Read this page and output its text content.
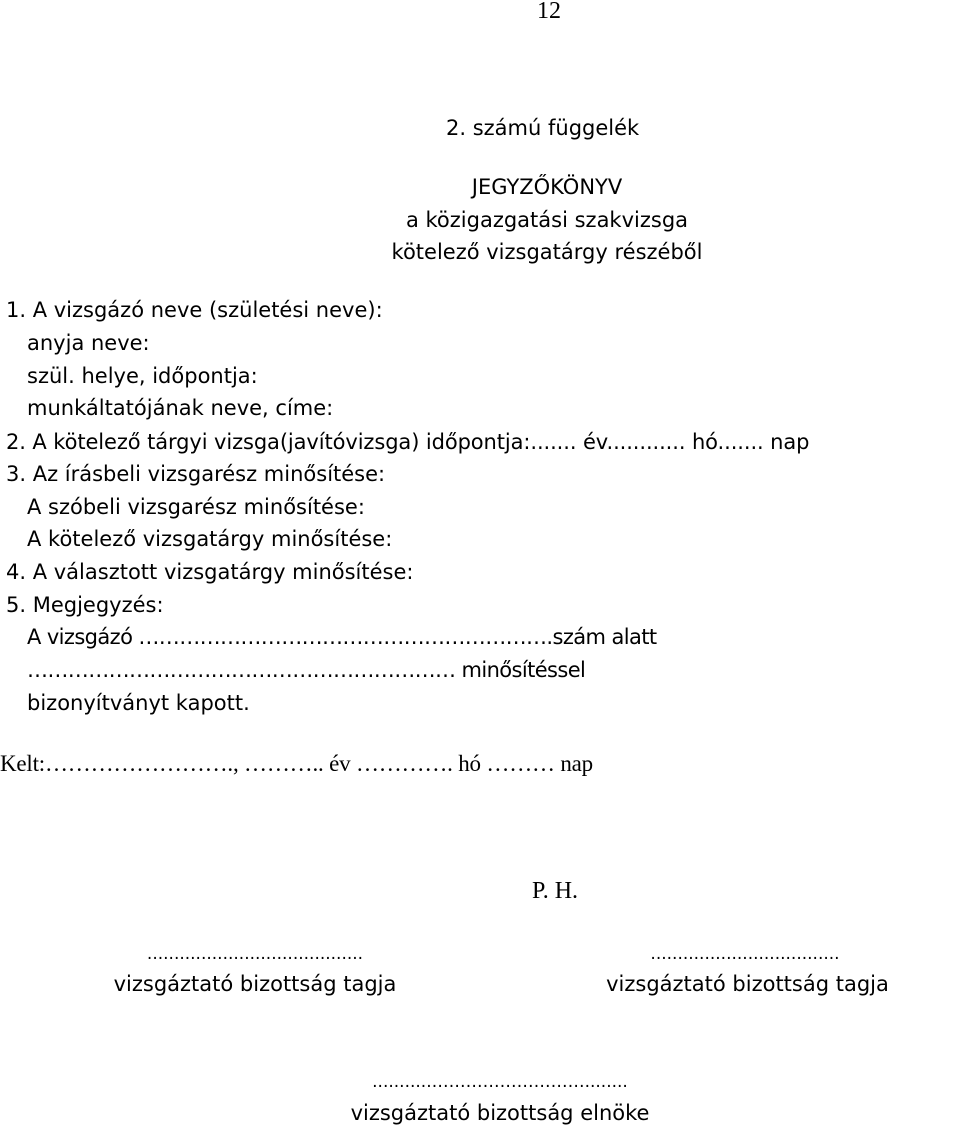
12
2. számú függelék
JEGYZŐKÖNYV
a közigazgatási szakvizsga
kötelező vizsgatárgy részéből
1. A vizsgázó neve (születési neve):
anyja neve:
szül. helye, időpontja:
munkáltatójának neve, címe:
2. A kötelező tárgyi vizsga(javítóvizsga) időpontja:....... év............ hó....... nap
3. Az írásbeli vizsgarész minősítése:
A szóbeli vizsgarész minősítése:
A kötelező vizsgatárgy minősítése:
4. A választott vizsgatárgy minősítése:
5. Megjegyzés:
A vizsgázó …………………………………………………….szám alatt
……………………………………………………… minősítéssel
bizonyítványt kapott.
Kelt:……………………., ……….. év …………. hó ……… nap
P. H.
........................................
vizsgáztató bizottság tagja
...................................
vizsgáztató bizottság tagja
...........………………………........
vizsgáztató bizottság elnöke
